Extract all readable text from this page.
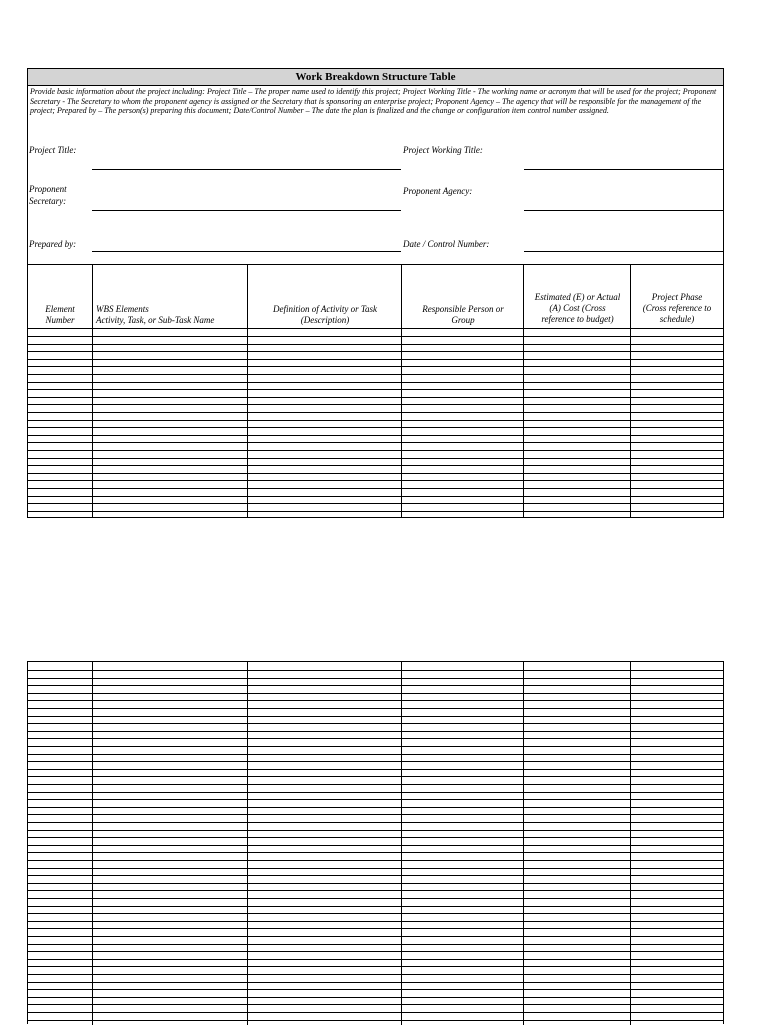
Work Breakdown Structure Table
Provide basic information about the project including: Project Title – The proper name used to identify this project; Project Working Title - The working name or acronym that will be used for the project; Proponent Secretary - The Secretary to whom the proponent agency is assigned or the Secretary that is sponsoring an enterprise project; Proponent Agency – The agency that will be responsible for the management of the project; Prepared by – The person(s) preparing this document; Date/Control Number – The date the plan is finalized and the change or configuration item control number assigned.
Project Title:	Project Working Title:
Proponent
Secretary:
Proponent Agency:
Prepared by:	Date / Control Number:
Element
Number
WBS Elements
Activity, Task, or Sub-Task Name
Definition of Activity or Task
(Description)
Responsible Person or
Group
Estimated (E) or Actual
(A) Cost (Cross
reference to budget)
Project Phase
(Cross reference to
schedule)
